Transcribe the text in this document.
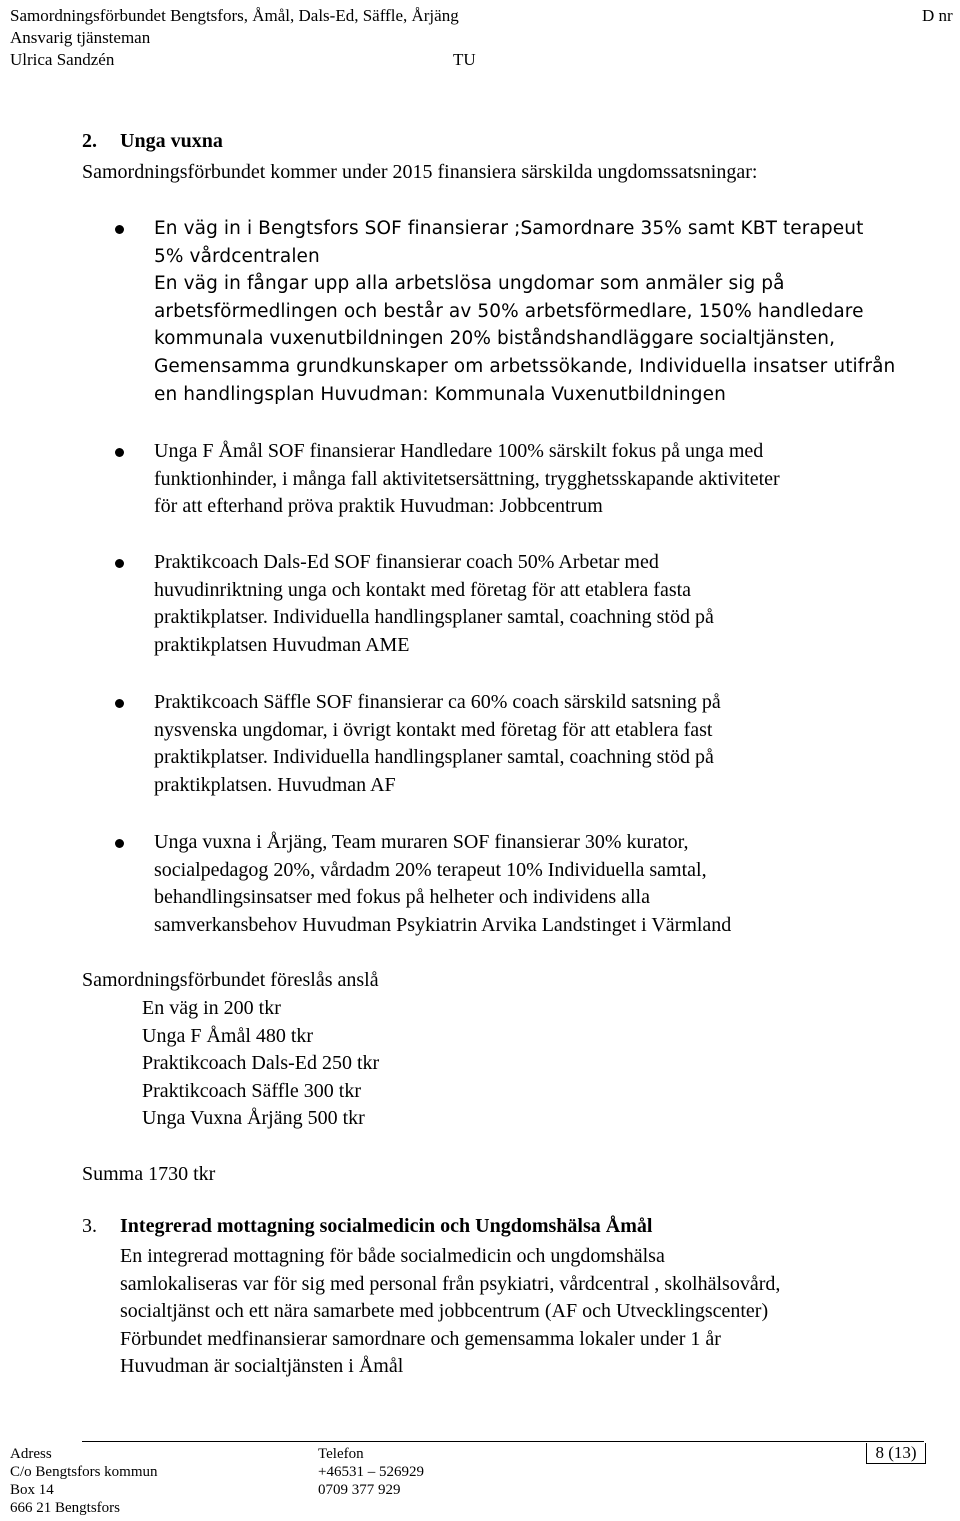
Samordningsförbundet Bengtsfors, Åmål, Dals-Ed, Säffle, Årjäng	D nr
Ansvarig tjänsteman
Ulrica Sandzén	TU
2. Unga vuxna
Samordningsförbundet kommer under 2015 finansiera särskilda ungdomssatsningar:
En väg in i Bengtsfors SOF finansierar ;Samordnare 35% samt KBT terapeut
5% vårdcentralen
En väg in fångar upp alla arbetslösa ungdomar som anmäler sig på
arbetsförmedlingen och består av 50% arbetsförmedlare, 150% handledare
kommunala vuxenutbildningen 20% biståndshandläggare socialtjänsten,
Gemensamma grundkunskaper om arbetssökande, Individuella insatser utifrån
en handlingsplan Huvudman: Kommunala Vuxenutbildningen
Unga F Åmål SOF finansierar Handledare 100% särskilt fokus på unga med
funktionhinder, i många fall aktivitetsersättning, trygghetsskapande aktiviteter
för att efterhand pröva praktik Huvudman: Jobbcentrum
Praktikcoach Dals-Ed SOF finansierar coach 50% Arbetar med
huvudinriktning unga och kontakt med företag för att etablera fasta
praktikplatser. Individuella handlingsplaner samtal, coachning stöd på
praktikplatsen Huvudman AME
Praktikcoach Säffle SOF finansierar ca 60% coach särskild satsning på
nysvenska ungdomar, i övrigt kontakt med företag för att etablera fast
praktikplatser. Individuella handlingsplaner samtal, coachning stöd på
praktikplatsen. Huvudman AF
Unga vuxna i Årjäng, Team muraren SOF finansierar 30% kurator,
socialpedagog 20%, vårdadm 20% terapeut 10% Individuella samtal,
behandlingsinsatser med fokus på helheter och individens alla
samverkansbehov Huvudman Psykiatrin Arvika Landstinget i Värmland
Samordningsförbundet föreslås anslå
En väg in 200 tkr
Unga F Åmål 480 tkr
Praktikcoach Dals-Ed 250 tkr
Praktikcoach Säffle 300 tkr
Unga Vuxna Årjäng 500 tkr
Summa 1730 tkr
3. Integrerad mottagning socialmedicin och Ungdomshälsa Åmål
En integrerad mottagning för både socialmedicin och ungdomshälsa
samlokaliseras var för sig med personal från psykiatri, vårdcentral , skolhälsovård,
socialtjänst och ett nära samarbete med jobbcentrum (AF och Utvecklingscenter)
Förbundet medfinansierar samordnare och gemensamma lokaler under 1 år
Huvudman är socialtjänsten i Åmål
Adress
C/o Bengtsfors kommun
Box 14
666 21 Bengtsfors
Telefon
+46531 – 526929
0709 377 929
8 (13)
